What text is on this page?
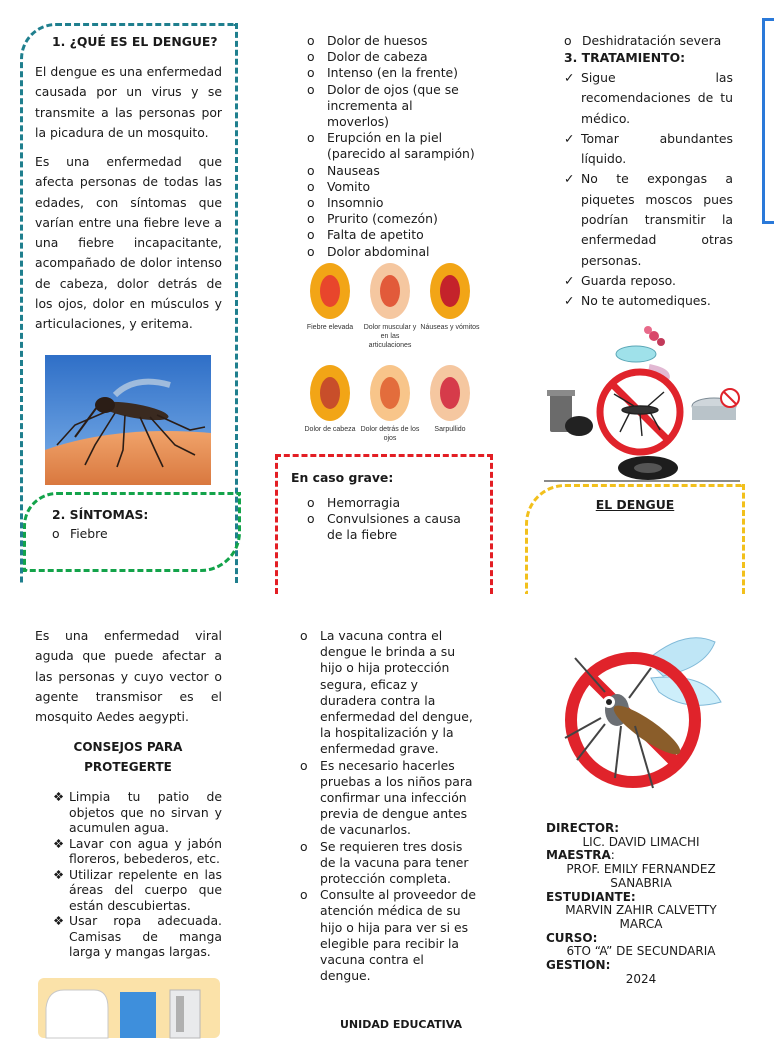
1. ¿QUÉ ES EL DENGUE?

El dengue es una enfermedad causada por un virus y se transmite a las personas por la picadura de un mosquito.

Es una enfermedad que afecta personas de todas las edades, con síntomas que varían entre una fiebre leve a una fiebre incapacitante, acompañado de dolor intenso de cabeza, dolor detrás de los ojos, dolor en músculos y articulaciones, y eritema.

2. SÍNTOMAS:
o Fiebre
o Dolor de huesos
o Dolor de cabeza
o Intenso (en la frente)
o Dolor de ojos (que se incrementa al moverlos)
o Erupción en la piel (parecido al sarampión)
o Nauseas
o Vomito
o Insomnio
o Prurito (comezón)
o Falta de apetito
o Dolor abdominal
Fiebre elevada	Dolor muscular y en las articulaciones
Náuseas y vómitos
Dolor de cabeza Dolor detrás de los ojos
Sarpullido
En caso grave:
o Hemorragia
o Convulsiones a causa de la fiebre
o Deshidratación severa
3. TRATAMIENTO:
✓ Sigue las recomendaciones de tu médico.
✓ Tomar abundantes líquido.
✓ No te expongas a piquetes moscos pues podrían transmitir la enfermedad otras personas.
✓ Guarda reposo.
✓ No te automediques.
EL DENGUE

Es una enfermedad viral aguda que puede afectar a las personas y cuyo vector o agente transmisor es el mosquito Aedes aegypti.

CONSEJOS PARA PROTEGERTE
❖ Limpia tu patio de objetos que no sirvan y acumulen agua.
❖ Lavar con agua y jabón floreros, bebederos, etc.
❖ Utilizar repelente en las áreas del cuerpo que están descubiertas.
❖ Usar ropa adecuada. Camisas de manga larga y mangas largas.
o La vacuna contra el dengue le brinda a su hijo o hija protección segura, eficaz y duradera contra la enfermedad del dengue, la hospitalización y la enfermedad grave.
o Es necesario hacerles pruebas a los niños para confirmar una infección previa de dengue antes de vacunarlos.
o Se requieren tres dosis de la vacuna para tener protección completa.
o Consulte al proveedor de atención médica de su hijo o hija para ver si es elegible para recibir la vacuna contra el dengue.
UNIDAD EDUCATIVA
DIRECTOR:
LIC. DAVID LIMACHI
MAESTRA:
PROF. EMILY FERNANDEZ SANABRIA
ESTUDIANTE:
MARVIN ZAHIR CALVETTY MARCA
CURSO:
6TO “A” DE SECUNDARIA
GESTION:
2024
